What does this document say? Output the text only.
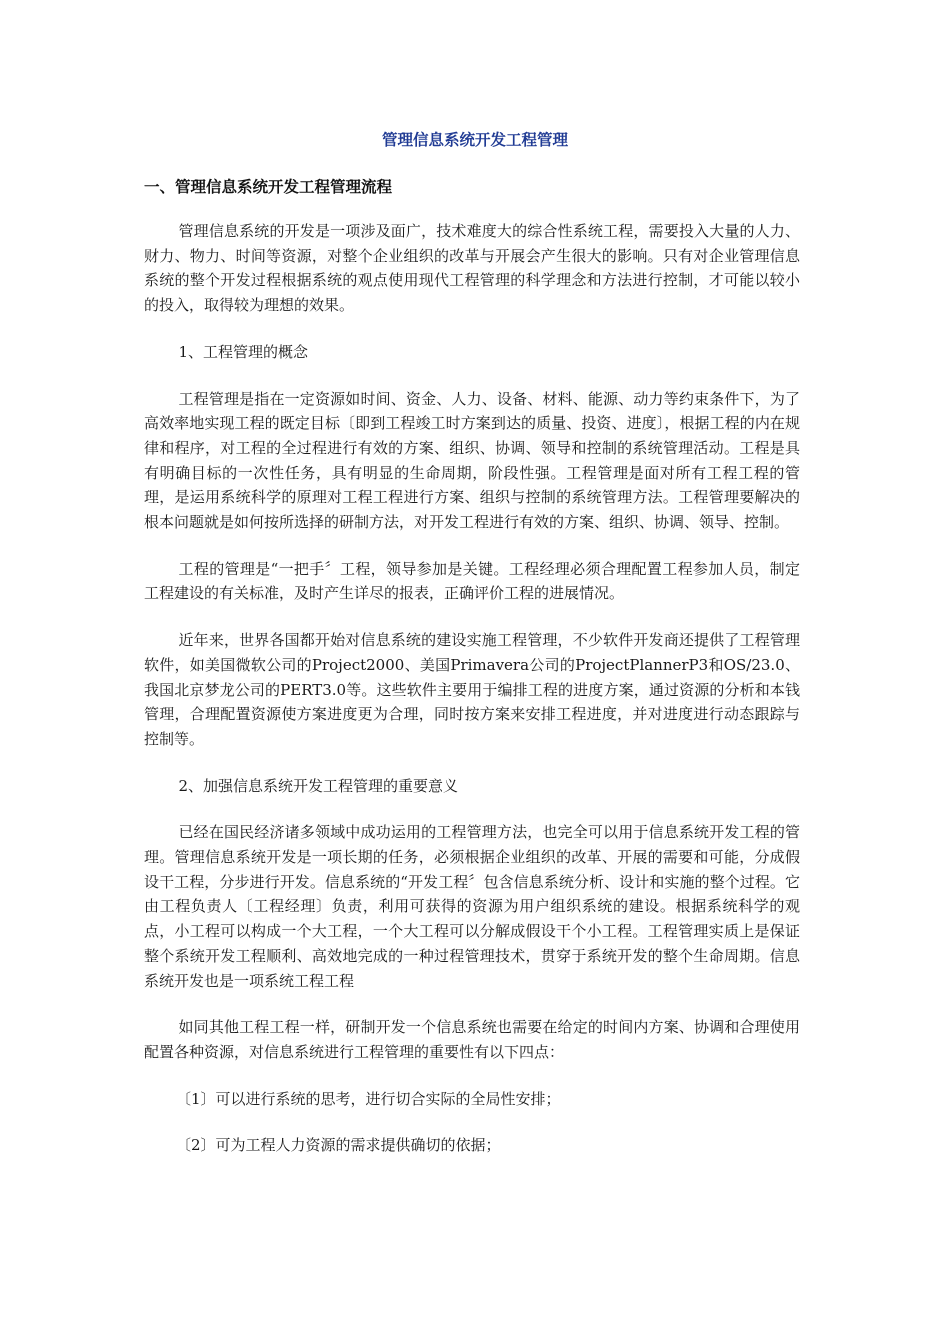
管理信息系统开发工程管理
一、管理信息系统开发工程管理流程

管理信息系统的开发是一项涉及面广，技术难度大的综合性系统工程，需要投入大量的人力、财力、物力、时间等资源，对整个企业组织的改革与开展会产生很大的影响。只有对企业管理信息系统的整个开发过程根据系统的观点使用现代工程管理的科学理念和方法进行控制，才可能以较小的投入，取得较为理想的效果。

1、工程管理的概念

工程管理是指在一定资源如时间、资金、人力、设备、材料、能源、动力等约束条件下，为了高效率地实现工程的既定目标〔即到工程竣工时方案到达的质量、投资、进度〕，根据工程的内在规律和程序，对工程的全过程进行有效的方案、组织、协调、领导和控制的系统管理活动。工程是具有明确目标的一次性任务，具有明显的生命周期，阶段性强。工程管理是面对所有工程工程的管理，是运用系统科学的原理对工程工程进行方案、组织与控制的系统管理方法。工程管理要解决的根本问题就是如何按所选择的研制方法，对开发工程进行有效的方案、组织、协调、领导、控制。

工程的管理是“一把手〞工程，领导参加是关键。工程经理必须合理配置工程参加人员，制定工程建设的有关标准，及时产生详尽的报表，正确评价工程的进展情况。

近年来，世界各国都开始对信息系统的建设实施工程管理，不少软件开发商还提供了工程管理软件，如美国微软公司的Project2000、美国Primavera公司的ProjectPlannerP3和OS/23.0、我国北京梦龙公司的PERT3.0等。这些软件主要用于编排工程的进度方案，通过资源的分析和本钱管理，合理配置资源使方案进度更为合理，同时按方案来安排工程进度，并对进度进行动态跟踪与控制等。

2、加强信息系统开发工程管理的重要意义

已经在国民经济诸多领域中成功运用的工程管理方法，也完全可以用于信息系统开发工程的管理。管理信息系统开发是一项长期的任务，必须根据企业组织的改革、开展的需要和可能，分成假设干工程，分步进行开发。信息系统的“开发工程〞包含信息系统分析、设计和实施的整个过程。它由工程负责人〔工程经理〕负责，利用可获得的资源为用户组织系统的建设。根据系统科学的观点，小工程可以构成一个大工程，一个大工程可以分解成假设干个小工程。工程管理实质上是保证整个系统开发工程顺利、高效地完成的一种过程管理技术，贯穿于系统开发的整个生命周期。信息系统开发也是一项系统工程工程

如同其他工程工程一样，研制开发一个信息系统也需要在给定的时间内方案、协调和合理使用配置各种资源，对信息系统进行工程管理的重要性有以下四点：

〔1〕可以进行系统的思考，进行切合实际的全局性安排；

〔2〕可为工程人力资源的需求提供确切的依据；
